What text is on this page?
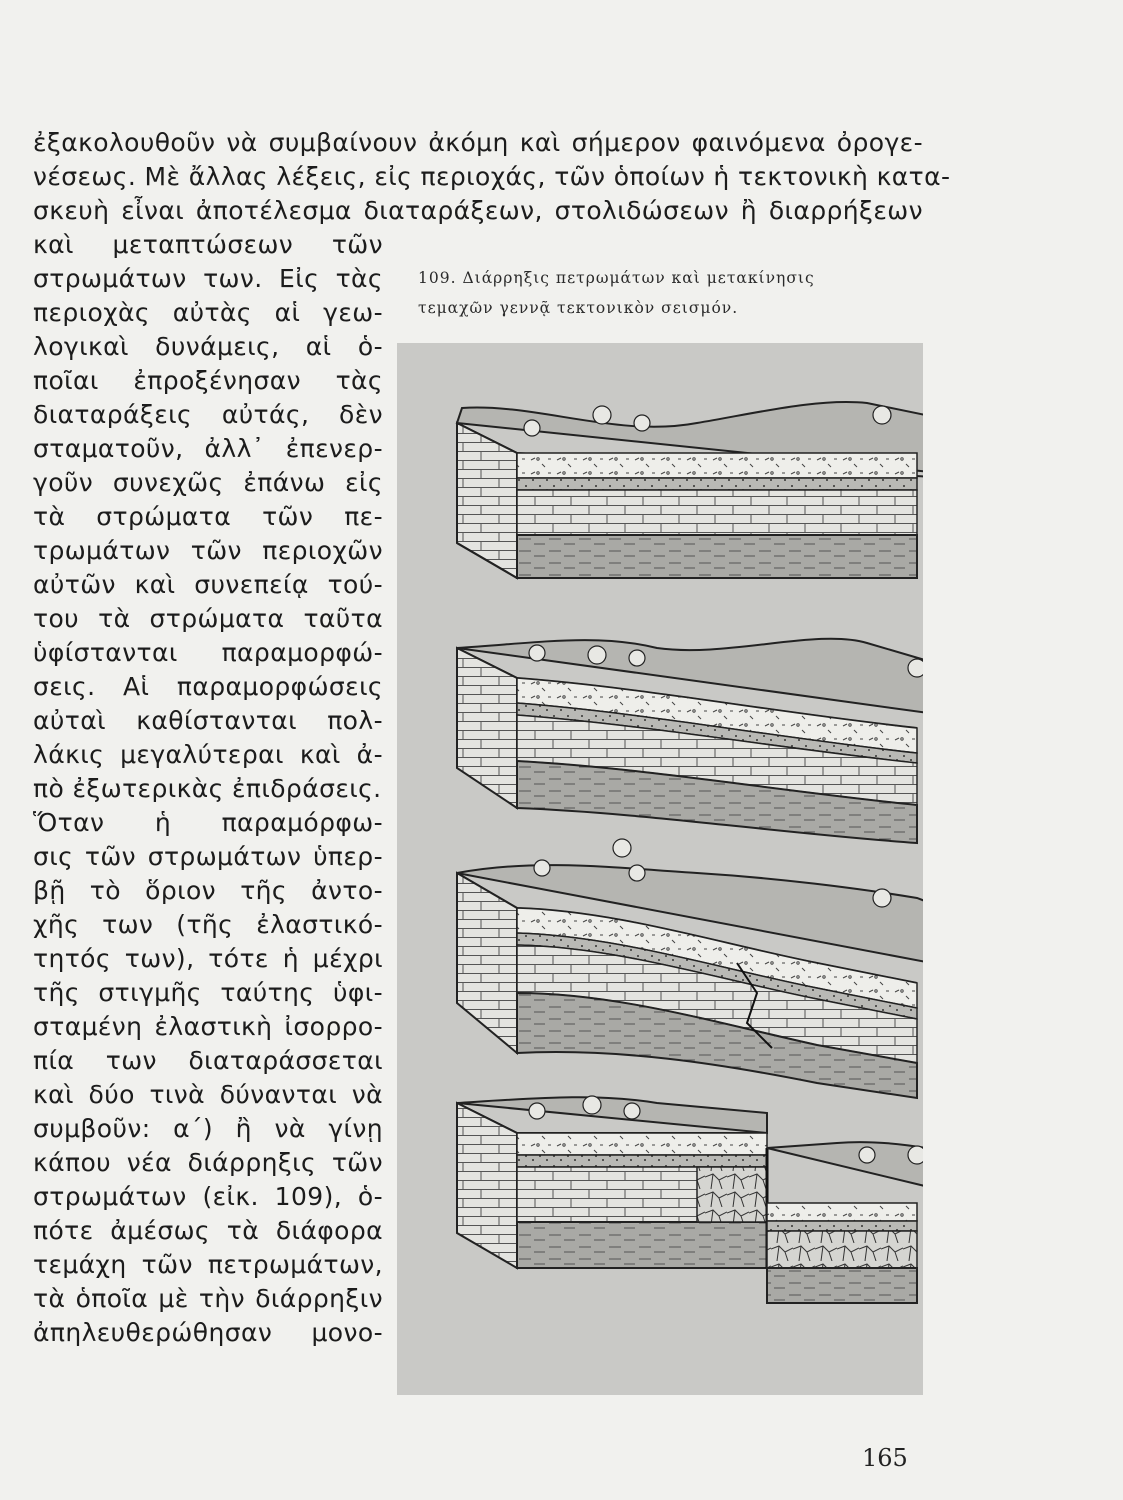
ἐξακολουθοῦν νὰ συμβαίνουν ἀκόμη καὶ σήμερον φαινόμενα ὀρογε-
νέσεως. Μὲ ἄλλας λέξεις, εἰς περιοχάς, τῶν ὁποίων ἡ τεκτονικὴ κατα-
σκευὴ εἶναι ἀποτέλεσμα διαταράξεων, στολιδώσεων ἢ διαρρήξεων
καὶ μεταπτώσεων τῶν
στρωμάτων των. Εἰς τὰς
περιοχὰς αὐτὰς αἱ γεω-
λογικαὶ δυνάμεις, αἱ ὁ-
ποῖαι ἐπροξένησαν τὰς
διαταράξεις αὐτάς, δὲν
σταματοῦν, ἀλλ᾽ ἐπενερ-
γοῦν συνεχῶς ἐπάνω εἰς
τὰ στρώματα τῶν πε-
τρωμάτων τῶν περιοχῶν
αὐτῶν καὶ συνεπείᾳ τού-
του τὰ στρώματα ταῦτα
ὑφίστανται παραμορφώ-
σεις. Αἱ παραμορφώσεις
αὐταὶ καθίστανται πολ-
λάκις μεγαλύτεραι καὶ ἀ-
πὸ ἐξωτερικὰς ἐπιδράσεις.
Ὅταν ἡ παραμόρφω-
σις τῶν στρωμάτων ὑπερ-
βῇ τὸ ὅριον τῆς ἀντο-
χῆς των (τῆς ἐλαστικό-
τητός των), τότε ἡ μέχρι
τῆς στιγμῆς ταύτης ὑφι-
σταμένη ἐλαστικὴ ἰσορρο-
πία των διαταράσσεται
καὶ δύο τινὰ δύνανται νὰ
συμβοῦν: α΄) ἢ νὰ γίνῃ
κάπου νέα διάρρηξις τῶν
στρωμάτων (εἰκ. 109), ὁ-
πότε ἀμέσως τὰ διάφορα
τεμάχη τῶν πετρωμάτων,
τὰ ὁποῖα μὲ τὴν διάρρηξιν
ἀπηλευθερώθησαν μονο-
109. Διάρρηξις πετρωμάτων καὶ μετακίνησις
τεμαχῶν γεννᾷ τεκτονικὸν σεισμόν.
165
